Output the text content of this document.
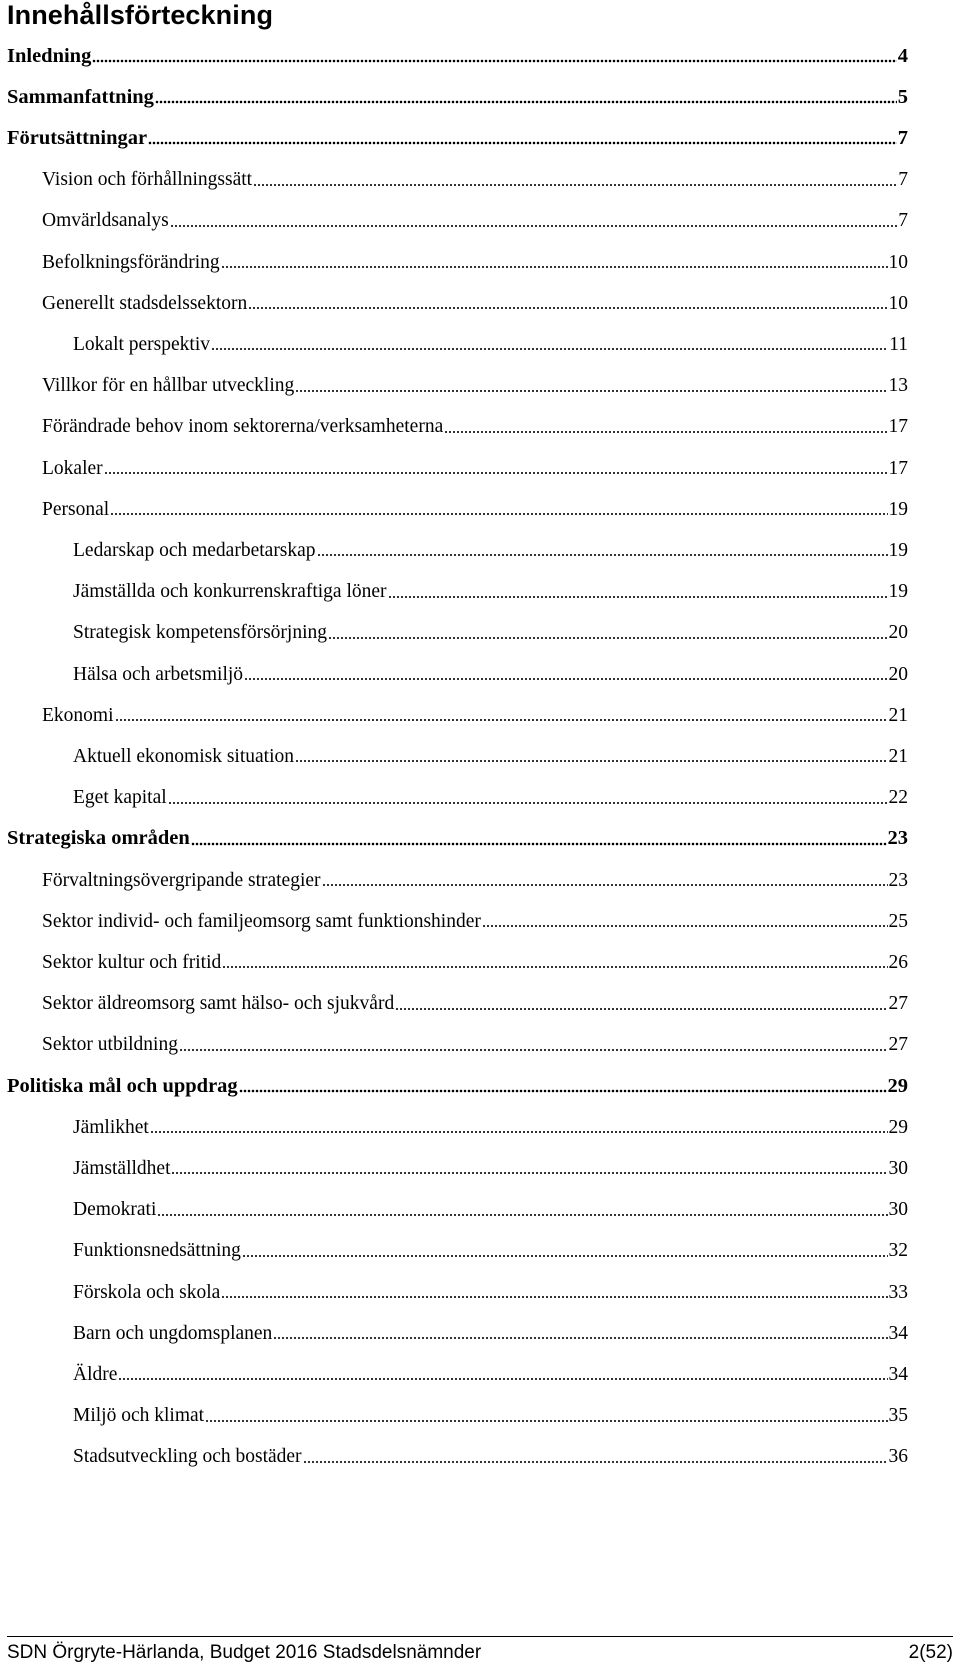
Innehållsförteckning
Inledning	4
Sammanfattning	5
Förutsättningar	7
Vision och förhållningssätt	7
Omvärldsanalys	7
Befolkningsförändring	10
Generellt stadsdelssektorn	10
Lokalt perspektiv	11
Villkor för en hållbar utveckling	13
Förändrade behov inom sektorerna/verksamheterna	17
Lokaler	17
Personal	19
Ledarskap och medarbetarskap	19
Jämställda och konkurrenskraftiga löner	19
Strategisk kompetensförsörjning	20
Hälsa och arbetsmiljö	20
Ekonomi	21
Aktuell ekonomisk situation	21
Eget kapital	22
Strategiska områden	23
Förvaltningsövergripande strategier	23
Sektor individ- och familjeomsorg samt funktionshinder	25
Sektor kultur och fritid	26
Sektor äldreomsorg samt hälso- och sjukvård	27
Sektor utbildning	27
Politiska mål och uppdrag	29
Jämlikhet	29
Jämställdhet	30
Demokrati	30
Funktionsnedsättning	32
Förskola och skola	33
Barn och ungdomsplanen	34
Äldre	34
Miljö och klimat	35
Stadsutveckling och bostäder	36
SDN Örgryte-Härlanda, Budget 2016 Stadsdelsnämnder	2(52)
